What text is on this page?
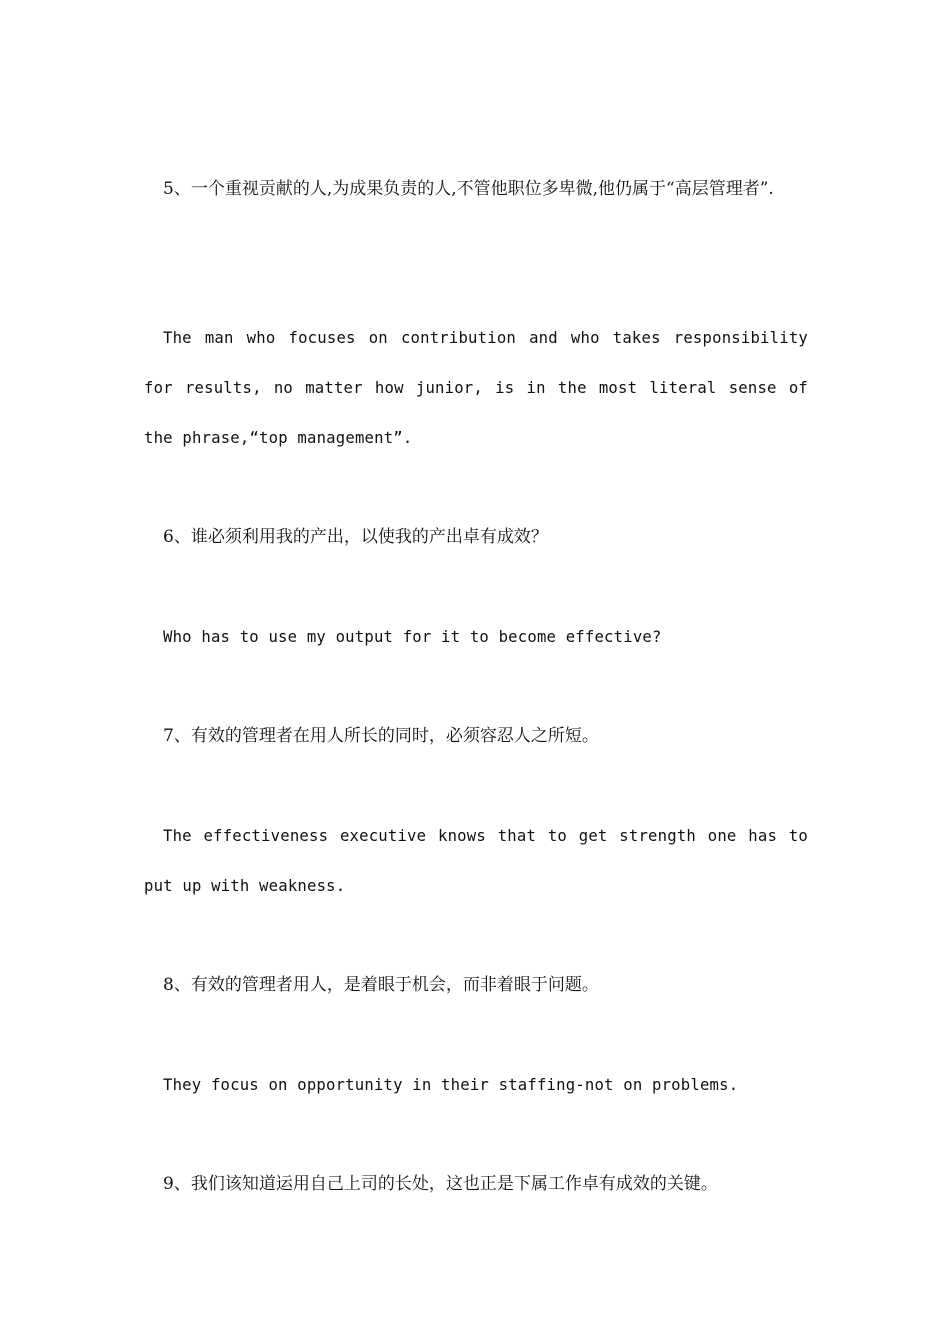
5、一个重视贡献的人,为成果负责的人,不管他职位多卑微,他仍属于“高层管理者”.

The man who focuses on contribution and who takes responsibility for results, no matter how junior, is in the most literal sense of the phrase,“top management”.

6、谁必须利用我的产出，以使我的产出卓有成效？

Who has to use my output for it to become effective?

7、有效的管理者在用人所长的同时，必须容忍人之所短。

The effectiveness executive knows that to get strength one has to put up with weakness.

8、有效的管理者用人，是着眼于机会，而非着眼于问题。

They focus on opportunity in their staffing-not on problems.

9、我们该知道运用自己上司的长处，这也正是下属工作卓有成效的关键。
